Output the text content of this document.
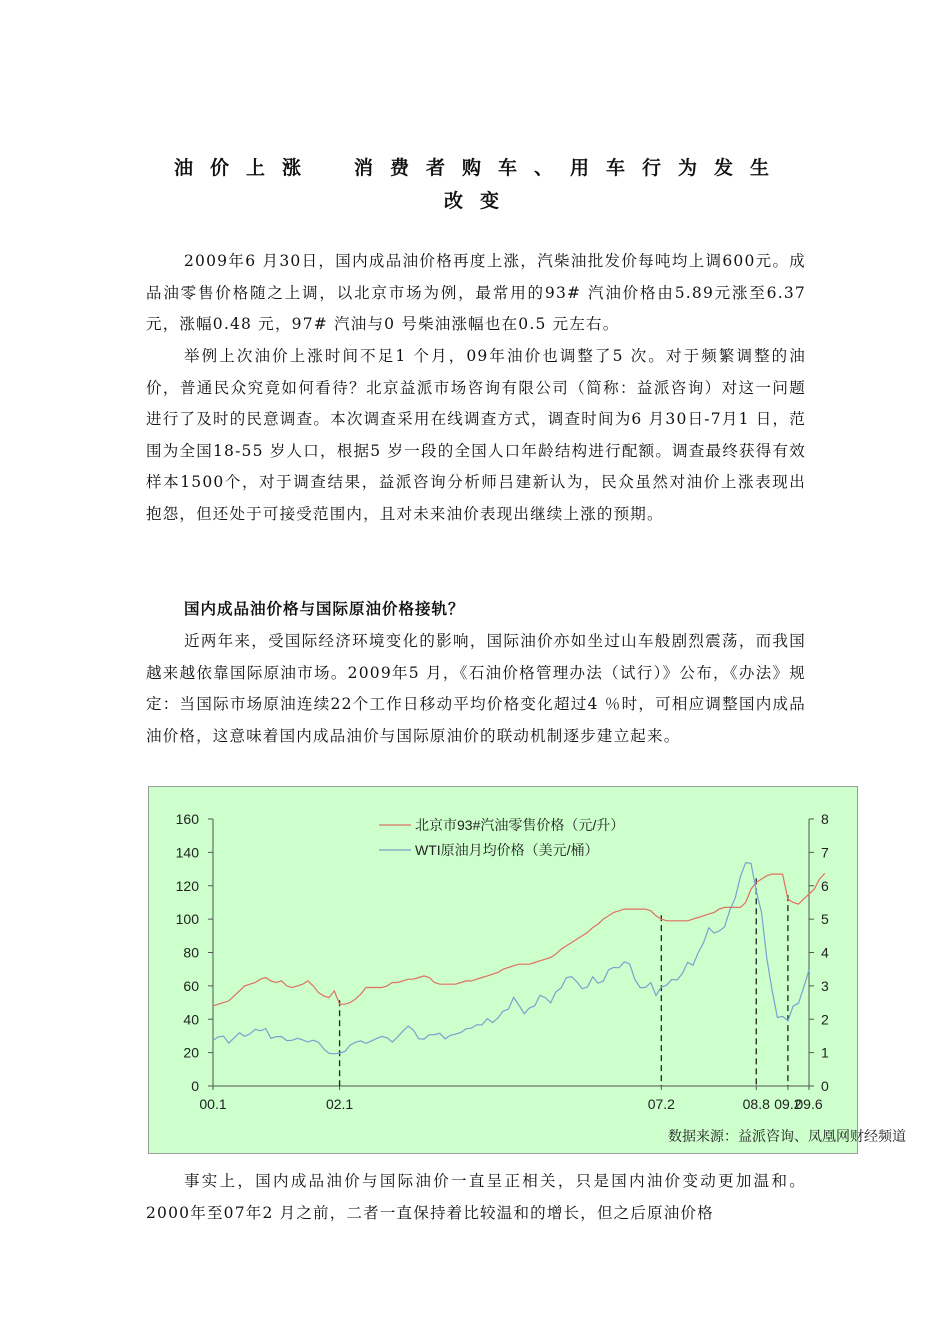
油价上涨　消费者购车、用车行为发生
改变

2009年6 月30日，国内成品油价格再度上涨，汽柴油批发价每吨均上调600元。成品油零售价格随之上调，以北京市场为例，最常用的93# 汽油价格由5.89元涨至6.37 元，涨幅0.48 元，97# 汽油与0 号柴油涨幅也在0.5 元左右。

举例上次油价上涨时间不足1 个月，09年油价也调整了5 次。对于频繁调整的油价，普通民众究竟如何看待？北京益派市场咨询有限公司（简称：益派咨询）对这一问题进行了及时的民意调查。本次调查采用在线调查方式，调查时间为6 月30日-7月1 日，范围为全国18-55 岁人口，根据5 岁一段的全国人口年龄结构进行配额。调查最终获得有效样本1500个，对于调查结果，益派咨询分析师吕建新认为，民众虽然对油价上涨表现出抱怨，但还处于可接受范围内，且对未来油价表现出继续上涨的预期。

国内成品油价格与国际原油价格接轨？

近两年来，受国际经济环境变化的影响，国际油价亦如坐过山车般剧烈震荡，而我国越来越依靠国际原油市场。2009年5 月，《石油价格管理办法（试行）》公布，《办法》规定：当国际市场原油连续22个工作日移动平均价格变化超过4 ％时，可相应调整国内成品油价格，这意味着国内成品油价与国际原油价的联动机制逐步建立起来。

0
20
40
60
80
100
120
140
160
0
1
2
3
4
5
6
7
8
00.1	02.1	07.2	08.8 09.2
09.6
北京市93#汽油零售价格（元/升）
WTI原油月均价格（美元/桶）
数据来源：益派咨询、凤凰网财经频道

事实上，国内成品油价与国际油价一直呈正相关，只是国内油价变动更加温和。2000年至07年2 月之前，二者一直保持着比较温和的增长，但之后原油价格
